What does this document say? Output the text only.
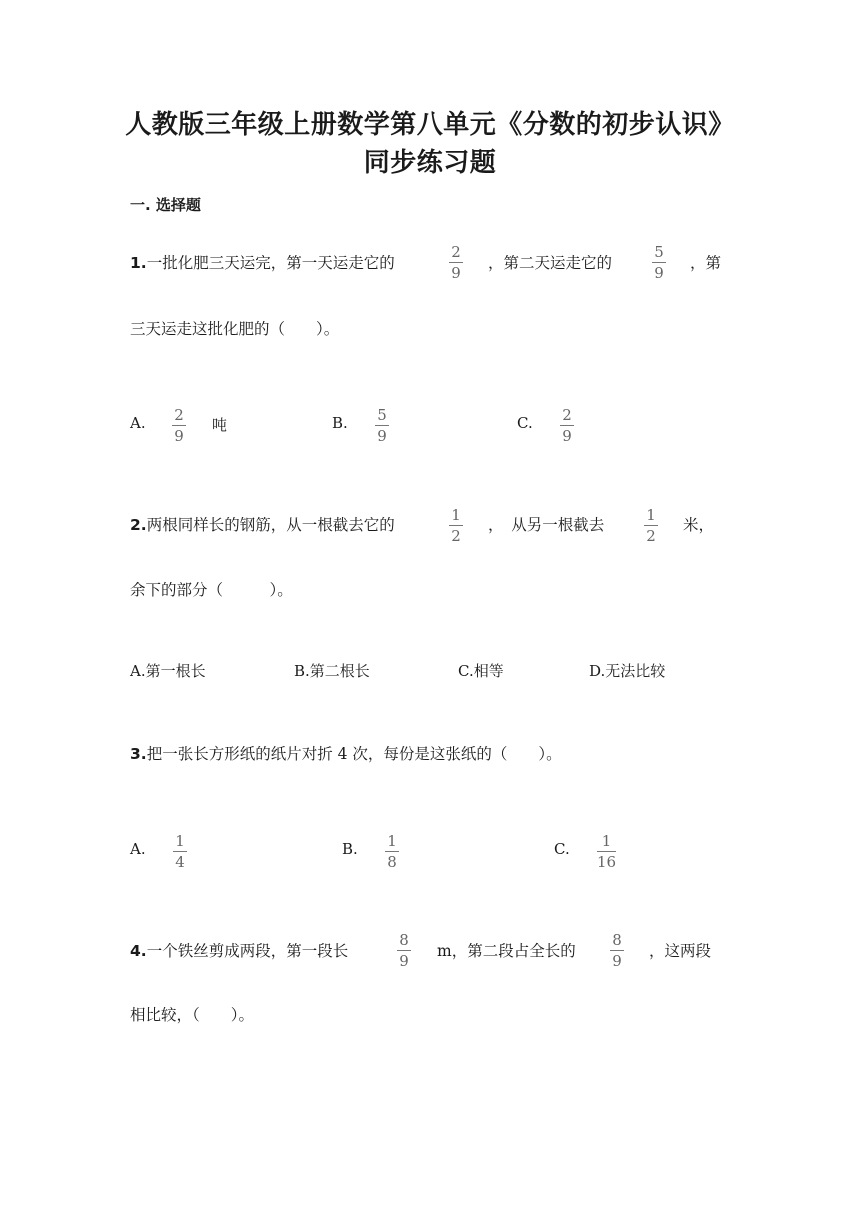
人教版三年级上册数学第八单元《分数的初步认识》
同步练习题
一. 选择题
1.一批化肥三天运完，第一天运走它的
2
9
，第二天运走它的
5
9
，第
三天运走这批化肥的（　　）。
A. 2
9
吨	B. 5
9
C. 2
9
2.两根同样长的钢筋，从一根截去它的
1
2
，　从另一根截去
1
2
米，
余下的部分（　　　）。
A.第一根长	B.第二根长	C.相等	D.无法比较
3.把一张长方形纸的纸片对折 4 次，每份是这张纸的（　　）。
A. 1
4
B. 1
8
C. 1
16
4.一个铁丝剪成两段，第一段长
8
9
m，第二段占全长的
8
9
，这两段
相比较，（　　）。
